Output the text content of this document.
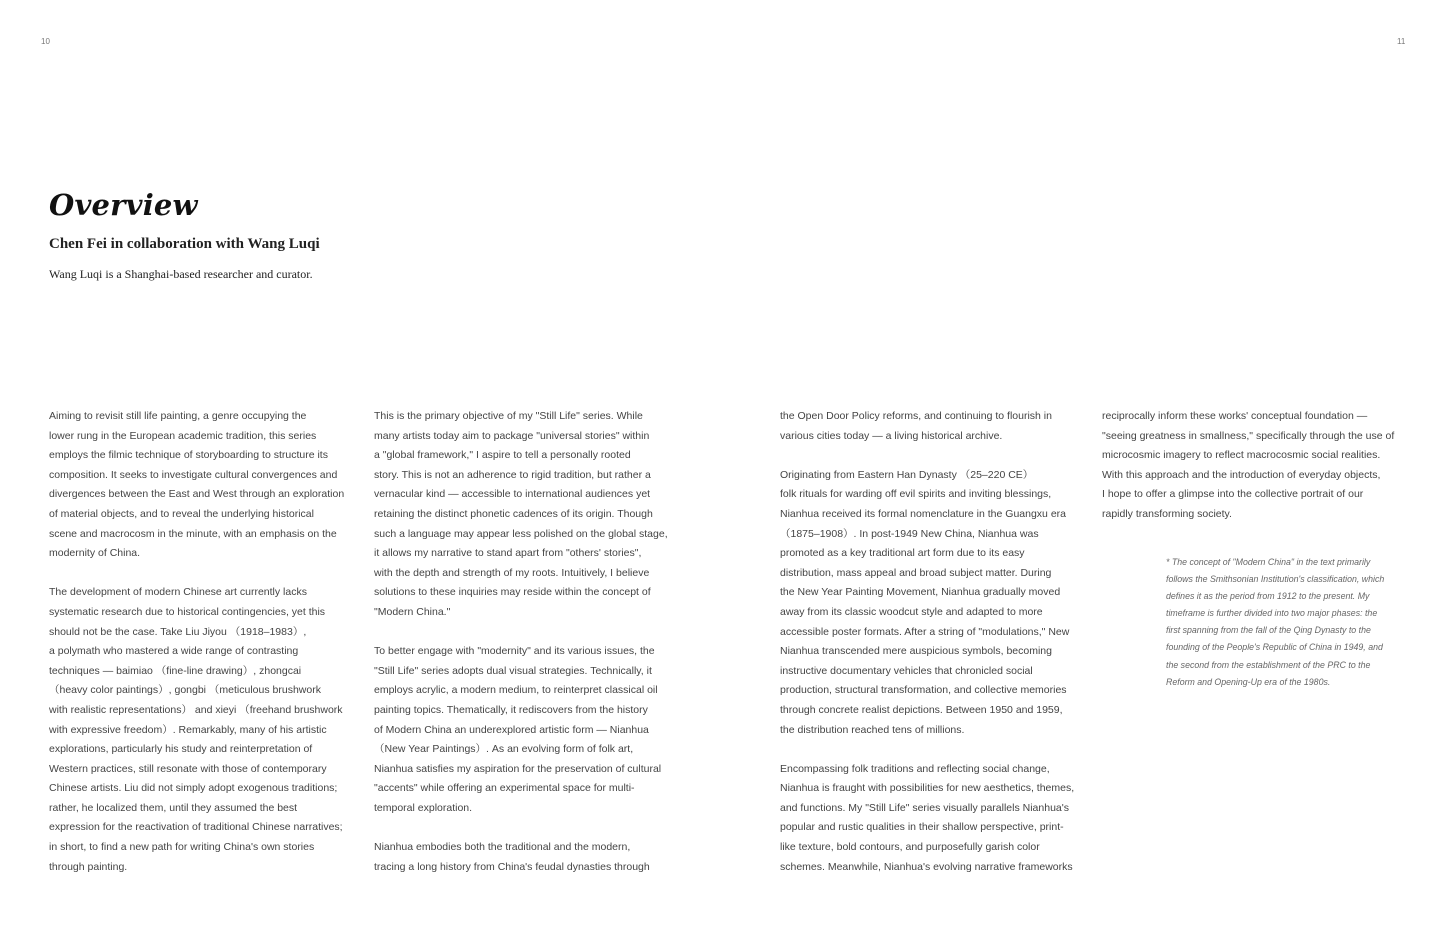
10	11
Overview
Chen Fei in collaboration with Wang Luqi

Wang Luqi is a Shanghai-based researcher and curator.

Aiming to revisit still life painting, a genre occupying the
lower rung in the European academic tradition, this series
employs the filmic technique of storyboarding to structure its
composition. It seeks to investigate cultural convergences and
divergences between the East and West through an exploration
of material objects, and to reveal the underlying historical
scene and macrocosm in the minute, with an emphasis on the
modernity of China.
The development of modern Chinese art currently lacks
systematic research due to historical contingencies, yet this
should not be the case. Take Liu Jiyou （1918–1983）,
a polymath who mastered a wide range of contrasting
techniques — baimiao （fine-line drawing）, zhongcai
（heavy color paintings）, gongbi （meticulous brushwork
with realistic representations） and xieyi （freehand brushwork
with expressive freedom）. Remarkably, many of his artistic
explorations, particularly his study and reinterpretation of
Western practices, still resonate with those of contemporary
Chinese artists. Liu did not simply adopt exogenous traditions;
rather, he localized them, until they assumed the best
expression for the reactivation of traditional Chinese narratives;
in short, to find a new path for writing China's own stories
through painting.
This is the primary objective of my "Still Life" series. While
many artists today aim to package "universal stories" within
a "global framework," I aspire to tell a personally rooted
story. This is not an adherence to rigid tradition, but rather a
vernacular kind — accessible to international audiences yet
retaining the distinct phonetic cadences of its origin. Though
such a language may appear less polished on the global stage,
it allows my narrative to stand apart from "others' stories",
with the depth and strength of my roots. Intuitively, I believe
solutions to these inquiries may reside within the concept of
"Modern China."
To better engage with "modernity" and its various issues, the
"Still Life" series adopts dual visual strategies. Technically, it
employs acrylic, a modern medium, to reinterpret classical oil
painting topics. Thematically, it rediscovers from the history
of Modern China an underexplored artistic form — Nianhua
（New Year Paintings）. As an evolving form of folk art,
Nianhua satisfies my aspiration for the preservation of cultural
"accents" while offering an experimental space for multi-
temporal exploration.
Nianhua embodies both the traditional and the modern,
tracing a long history from China's feudal dynasties through
the Open Door Policy reforms, and continuing to flourish in
various cities today — a living historical archive.
Originating from Eastern Han Dynasty （25–220 CE）
folk rituals for warding off evil spirits and inviting blessings,
Nianhua received its formal nomenclature in the Guangxu era
（1875–1908）. In post-1949 New China, Nianhua was
promoted as a key traditional art form due to its easy
distribution, mass appeal and broad subject matter. During
the New Year Painting Movement, Nianhua gradually moved
away from its classic woodcut style and adapted to more
accessible poster formats. After a string of "modulations," New
Nianhua transcended mere auspicious symbols, becoming
instructive documentary vehicles that chronicled social
production, structural transformation, and collective memories
through concrete realist depictions. Between 1950 and 1959,
the distribution reached tens of millions.
Encompassing folk traditions and reflecting social change,
Nianhua is fraught with possibilities for new aesthetics, themes,
and functions. My "Still Life" series visually parallels Nianhua's
popular and rustic qualities in their shallow perspective, print-
like texture, bold contours, and purposefully garish color
schemes. Meanwhile, Nianhua's evolving narrative frameworks
reciprocally inform these works' conceptual foundation —
"seeing greatness in smallness," specifically through the use of
microcosmic imagery to reflect macrocosmic social realities.
With this approach and the introduction of everyday objects,
I hope to offer a glimpse into the collective portrait of our
rapidly transforming society.
* The concept of "Modern China" in the text primarily
follows the Smithsonian Institution's classification, which
defines it as the period from 1912 to the present. My
timeframe is further divided into two major phases: the
first spanning from the fall of the Qing Dynasty to the
founding of the People's Republic of China in 1949, and
the second from the establishment of the PRC to the
Reform and Opening-Up era of the 1980s.
